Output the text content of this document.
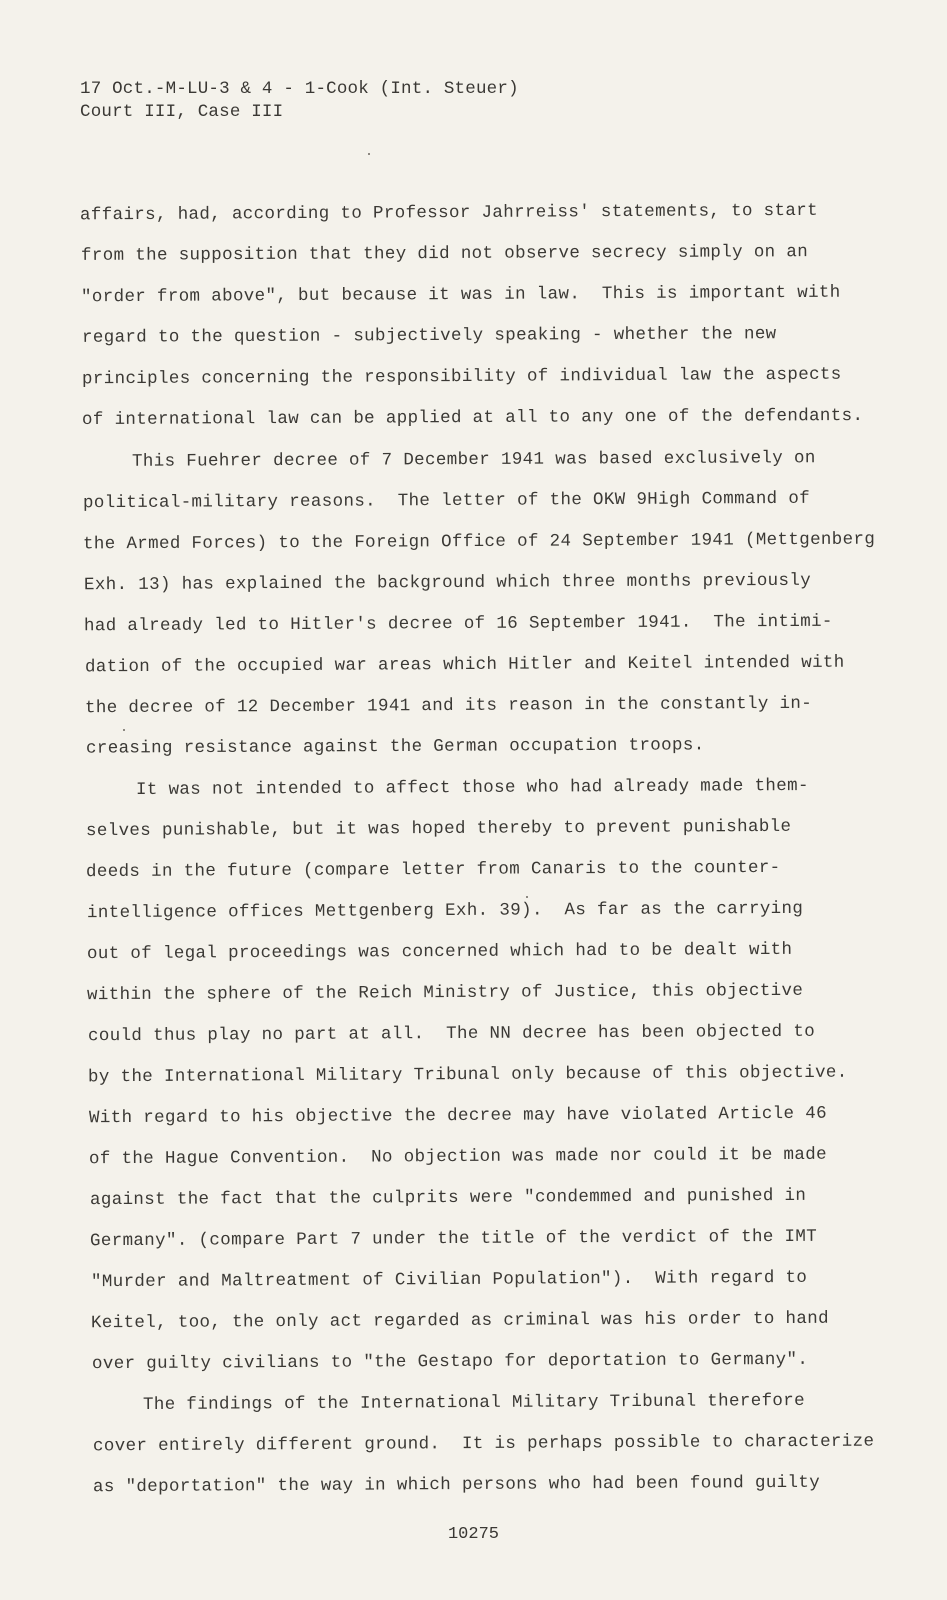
17 Oct.-M-LU-3 & 4 - 1-Cook (Int. Steuer)
Court III, Case III
affairs, had, according to Professor Jahrreiss' statements, to start
from the supposition that they did not observe secrecy simply on an
"order from above", but because it was in law.  This is important with
regard to the question - subjectively speaking - whether the new
principles concerning the responsibility of individual law the aspects
of international law can be applied at all to any one of the defendants.
This Fuehrer decree of 7 December 1941 was based exclusively on
political-military reasons.  The letter of the OKW 9High Command of
the Armed Forces) to the Foreign Office of 24 September 1941 (Mettgenberg
Exh. 13) has explained the background which three months previously
had already led to Hitler's decree of 16 September 1941.  The intimi-
dation of the occupied war areas which Hitler and Keitel intended with
the decree of 12 December 1941 and its reason in the constantly in-
creasing resistance against the German occupation troops.
It was not intended to affect those who had already made them-
selves punishable, but it was hoped thereby to prevent punishable
deeds in the future (compare letter from Canaris to the counter-
intelligence offices Mettgenberg Exh. 39).  As far as the carrying
out of legal proceedings was concerned which had to be dealt with
within the sphere of the Reich Ministry of Justice, this objective
could thus play no part at all.  The NN decree has been objected to
by the International Military Tribunal only because of this objective.
With regard to his objective the decree may have violated Article 46
of the Hague Convention.  No objection was made nor could it be made
against the fact that the culprits were "condemmed and punished in
Germany". (compare Part 7 under the title of the verdict of the IMT
"Murder and Maltreatment of Civilian Population").  With regard to
Keitel, too, the only act regarded as criminal was his order to hand
over guilty civilians to "the Gestapo for deportation to Germany".
The findings of the International Military Tribunal therefore
cover entirely different ground.  It is perhaps possible to characterize
as "deportation" the way in which persons who had been found guilty
10275
